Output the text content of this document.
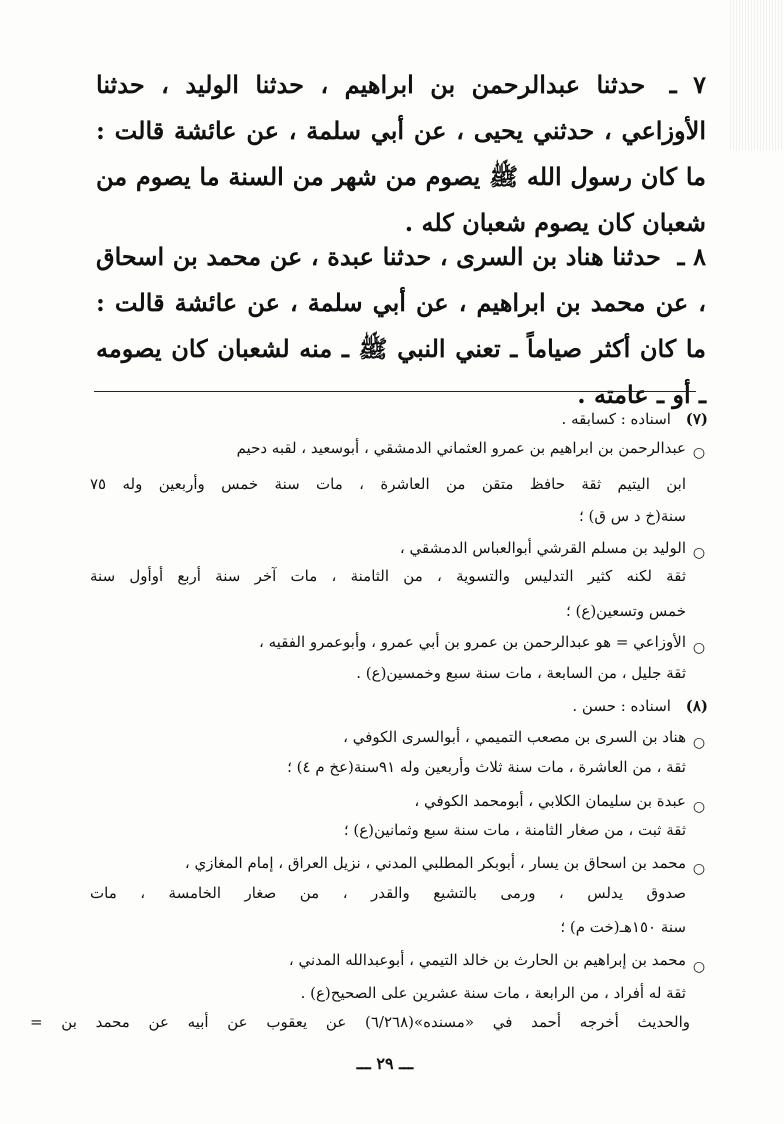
٧ ـ حدثنا عبدالرحمن بن ابراهيم ، حدثنا الوليد ، حدثنا الأوزاعي ، حدثني يحيى ، عن أبي سلمة ، عن عائشة قالت : ما كان رسول الله ﷺ يصوم من شهر من السنة ما يصوم من شعبان كان يصوم شعبان كله .
٨ ـ حدثنا هناد بن السرى ، حدثنا عبدة ، عن محمد بن اسحاق ، عن محمد بن ابراهيم ، عن أبي سلمة ، عن عائشة قالت : ما كان أكثر صياماً ـ تعني النبي ﷺ ـ منه لشعبان كان يصومه ـ أو ـ عامته .
(٧) اسناده : كسابقه .
○
عبدالرحمن بن ابراهيم بن عمرو العثماني الدمشقي ، أبوسعيد ، لقبه دحيم
ابن اليتيم ثقة حافظ متقن من العاشرة ، مات سنة خمس وأربعين وله ٧٥
سنة(خ د س ق) ؛
○
الوليد بن مسلم القرشي أبوالعباس الدمشقي ،
ثقة لكنه كثير التدليس والتسوية ، من الثامنة ، مات آخر سنة أربع أوأول سنة
خمس وتسعين(ع) ؛
○
الأوزاعي = هو عبدالرحمن بن عمرو بن أبي عمرو ، وأبوعمرو الفقيه ،
ثقة جليل ، من السابعة ، مات سنة سبع وخمسين(ع) .
(٨) اسناده : حسن .
○
هناد بن السرى بن مصعب التميمي ، أبوالسرى الكوفي ،
ثقة ، من العاشرة ، مات سنة ثلاث وأربعين وله ٩١سنة(عخ م ٤) ؛
○
عبدة بن سليمان الكلابي ، أبومحمد الكوفي ،
ثقة ثبت ، من صغار الثامنة ، مات سنة سبع وثمانين(ع) ؛
○
محمد بن اسحاق بن يسار ، أبوبكر المطلبي المدني ، نزيل العراق ، إمام المغازي ،
صدوق يدلس ، ورمى بالتشيع والقدر ، من صغار الخامسة ، مات
سنة ١٥٠هـ(خت م) ؛
○
محمد بن إبراهيم بن الحارث بن خالد التيمي ، أبوعبدالله المدني ،
ثقة له أفراد ، من الرابعة ، مات سنة عشرين على الصحيح(ع) .
والحديث أخرجه أحمد في «مسنده»(٦/٢٦٨) عن يعقوب عن أبيه عن محمد بن =
ـــ ٢٩ ـــ
